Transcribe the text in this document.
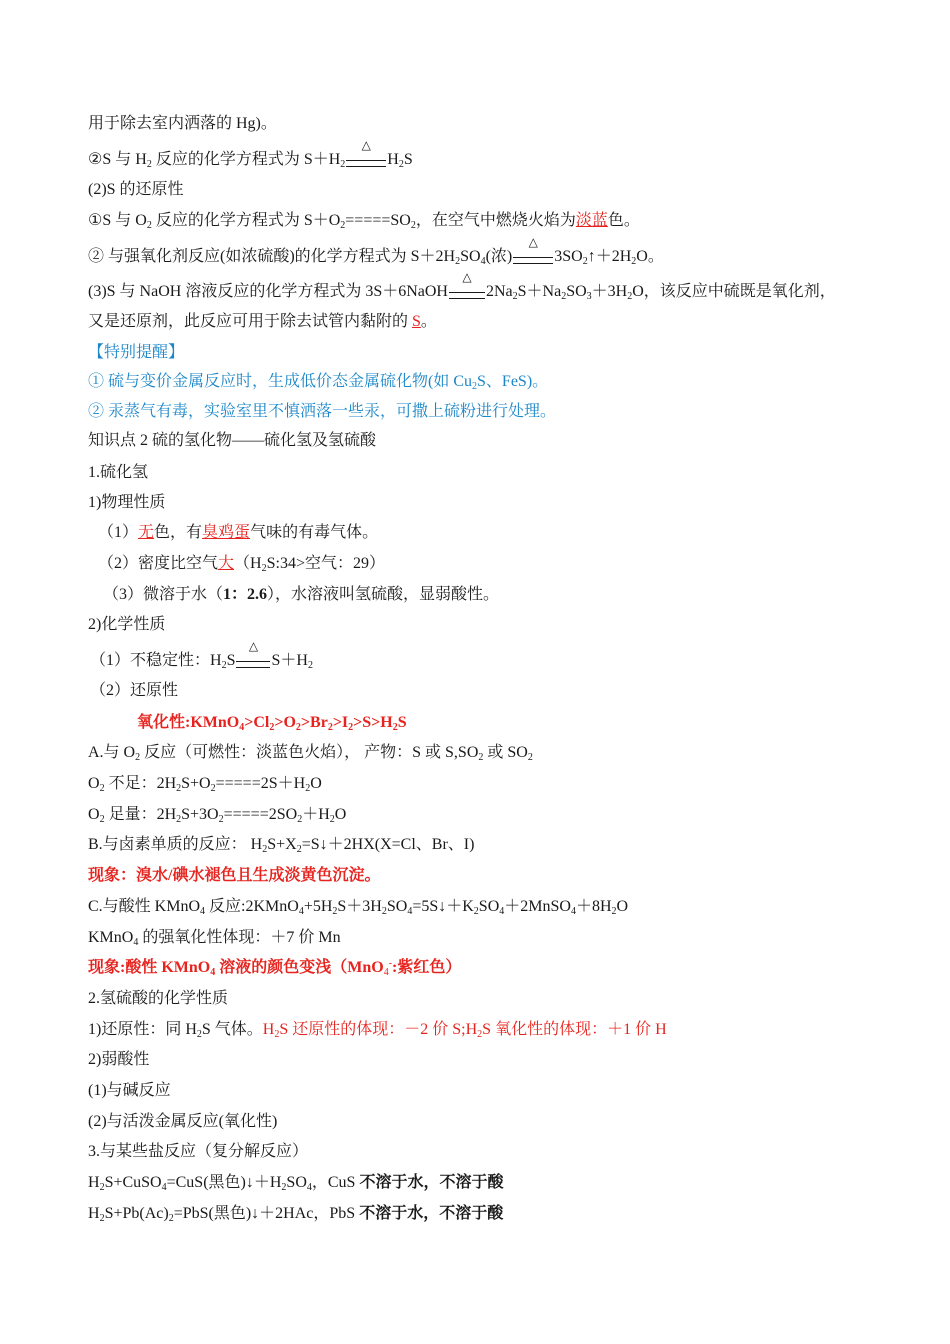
用于除去室内洒落的 Hg)。
②S 与 $H_2$ 反应的化学方程式为 $S+H_2$
△
$H_2S$
(2)S 的还原性
①S 与 $O_2$ 反应的化学方程式为 $S+O_2=====SO_2$，在空气中燃烧火焰为淡蓝色。
② 与强氧化剂反应(如浓硫酸)的化学方程式为 $S+2H_2SO_4$(浓)
△
$3SO_2↑+2H_2O$。
(3)S 与 NaOH 溶液反应的化学方程式为 3S＋6NaOH
△
$2Na_2S+Na_2SO_3+3H_2O$，该反应中硫既是氧化剂，
又是还原剂，此反应可用于除去试管内黏附的 S。
【特别提醒】
① 硫与变价金属反应时，生成低价态金属硫化物(如 $Cu_2S$、FeS)。
② 汞蒸气有毒，实验室里不慎洒落一些汞，可撒上硫粉进行处理。
知识点 2 硫的氢化物——硫化氢及氢硫酸
1.硫化氢
1)物理性质
（1）无色，有臭鸡蛋气味的有毒气体。
（2）密度比空气大（$H_2S:34>$空气：29）
（3）微溶于水（1：2.6），水溶液叫氢硫酸，显弱酸性。
2)化学性质
（1）不稳定性：$H_2S$
△
$S+H_2$
（2）还原性
氧化性$:KMnO_4>Cl_2>O_2>Br_2>I_2>S>H_2S$
A.与 $O_2$ 反应（可燃性：淡蓝色火焰）， 产物：S 或 $S,SO_2$ 或 $SO_2$
$O_2$ 不足：$2H_2S+O_2=====2S+H_2O$
$O_2$ 足量：$2H_2S+3O_2=====2SO_2+H_2O$
B.与卤素单质的反应： $H_2S+X_2=S↓+2HX(X=Cl$、Br、I)
现象：溴水/碘水褪色且生成淡黄色沉淀。
C.与酸性 KMnO$_4$ 反应$:2KMnO_4+5H_2S+3H_2SO_4=5S↓+K_2SO_4+2MnSO_4+8H_2O$
KMnO$_4$ 的强氧化性体现：＋7 价 Mn
现象:酸性 KMnO$_4$ 溶液的颜色变浅（MnO$_4$-:紫红色）
2.氢硫酸的化学性质
1)还原性：同 $H_2S$ 气体。$H_2S$ 还原性的体现：－2 价 $S;H_2S$ 氧化性的体现：＋1 价 H
2)弱酸性
(1)与碱反应
(2)与活泼金属反应(氧化性)
3.与某些盐反应（复分解反应）
$H_2S+CuSO_4=CuS$(黑色)$↓+H_2SO_4$，CuS 不溶于水，不溶于酸
$H_2S+Pb(Ac)_2=PbS$(黑色)↓＋2HAc，PbS 不溶于水，不溶于酸
